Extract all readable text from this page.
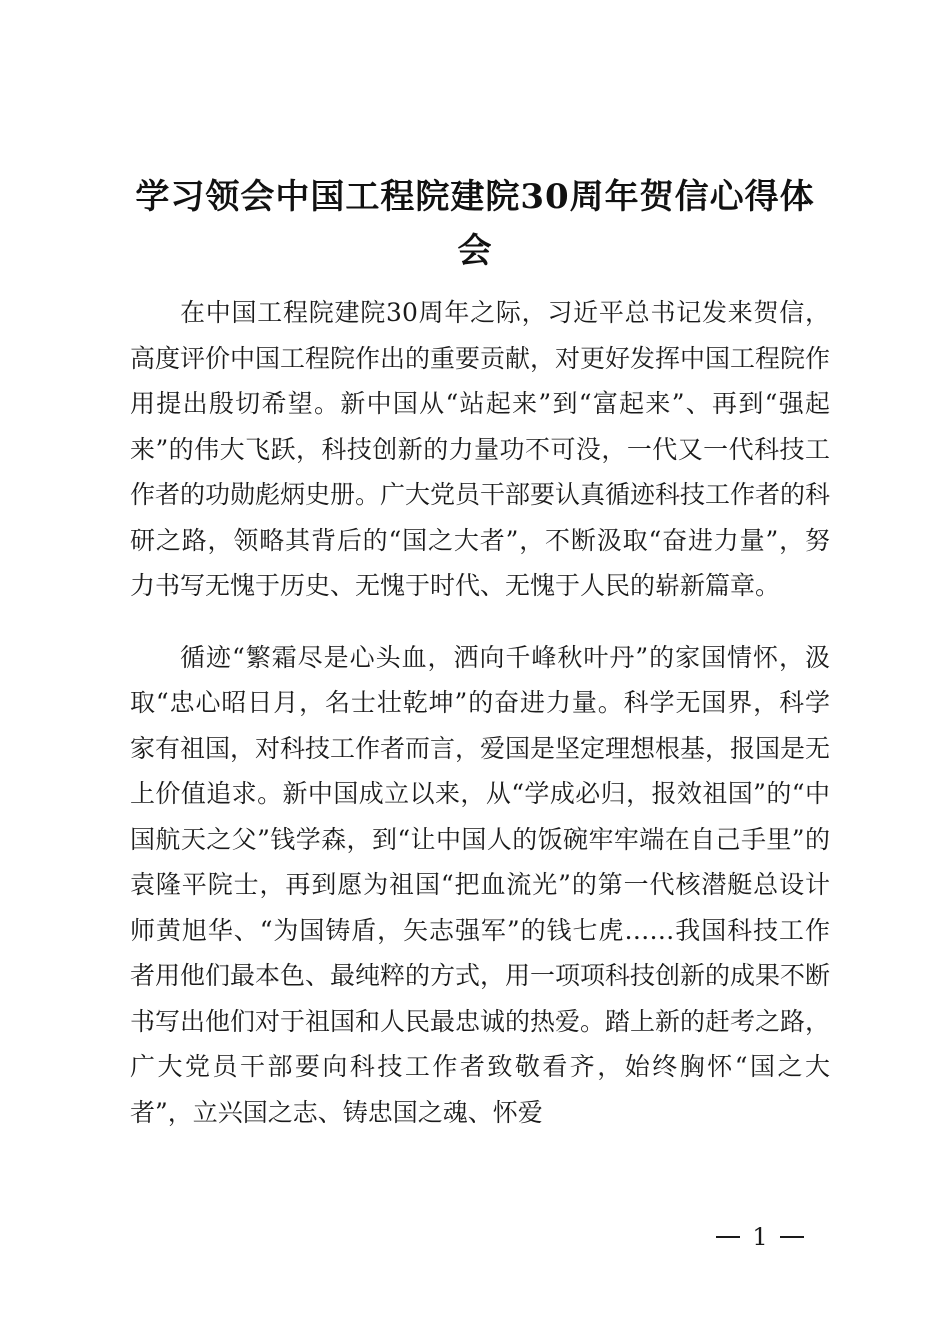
学习领会中国工程院建院30周年贺信心得体会

在中国工程院建院30周年之际，习近平总书记发来贺信，高度评价中国工程院作出的重要贡献，对更好发挥中国工程院作用提出殷切希望。新中国从“站起来”到“富起来”、再到“强起来”的伟大飞跃，科技创新的力量功不可没，一代又一代科技工作者的功勋彪炳史册。广大党员干部要认真循迹科技工作者的科研之路，领略其背后的“国之大者”，不断汲取“奋进力量”，努力书写无愧于历史、无愧于时代、无愧于人民的崭新篇章。

循迹“繁霜尽是心头血，洒向千峰秋叶丹”的家国情怀，汲取“忠心昭日月，名士壮乾坤”的奋进力量。科学无国界，科学家有祖国，对科技工作者而言，爱国是坚定理想根基，报国是无上价值追求。新中国成立以来，从“学成必归，报效祖国”的“中国航天之父”钱学森，到“让中国人的饭碗牢牢端在自己手里”的袁隆平院士，再到愿为祖国“把血流光”的第一代核潜艇总设计师黄旭华、“为国铸盾，矢志强军”的钱七虎……我国科技工作者用他们最本色、最纯粹的方式，用一项项科技创新的成果不断书写出他们对于祖国和人民最忠诚的热爱。踏上新的赶考之路，广大党员干部要向科技工作者致敬看齐，始终胸怀“国之大者”，立兴国之志、铸忠国之魂、怀爱

1
